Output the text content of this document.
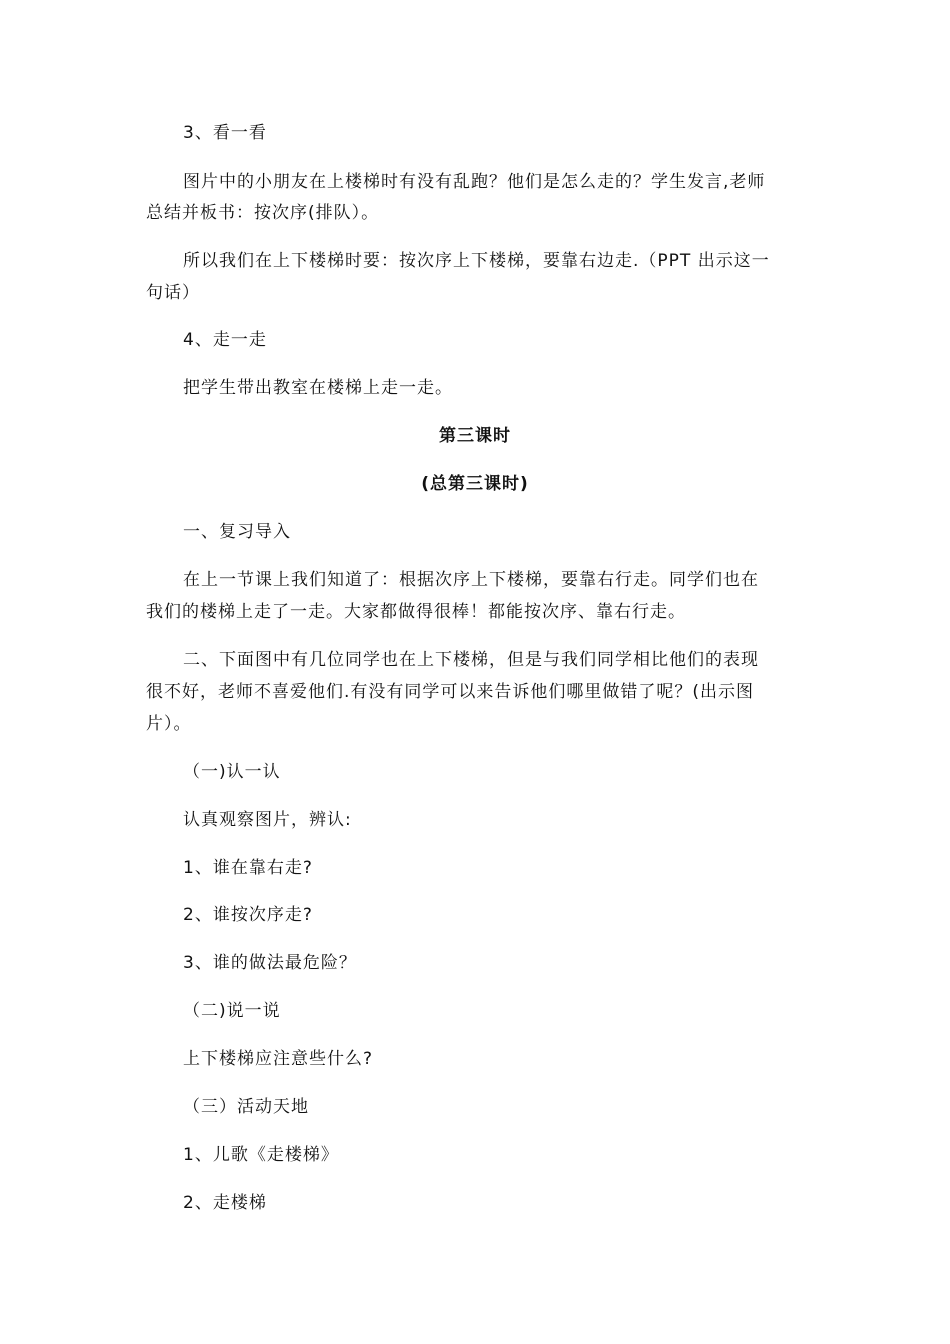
3、看一看
图片中的小朋友在上楼梯时有没有乱跑？他们是怎么走的？学生发言,老师
总结并板书：按次序(排队）。
所以我们在上下楼梯时要：按次序上下楼梯，要靠右边走.（PPT 出示这一
句话）
4、走一走
把学生带出教室在楼梯上走一走。
第三课时
(总第三课时)
一、复习导入
在上一节课上我们知道了：根据次序上下楼梯，要靠右行走。同学们也在
我们的楼梯上走了一走。大家都做得很棒！都能按次序、靠右行走。
二、下面图中有几位同学也在上下楼梯，但是与我们同学相比他们的表现
很不好，老师不喜爱他们.有没有同学可以来告诉他们哪里做错了呢？(出示图
片）。
（一)认一认
认真观察图片，辨认:
1、谁在靠右走?
2、谁按次序走?
3、谁的做法最危险？
（二)说一说
上下楼梯应注意些什么?
（三）活动天地
1、儿歌《走楼梯》
2、走楼梯
